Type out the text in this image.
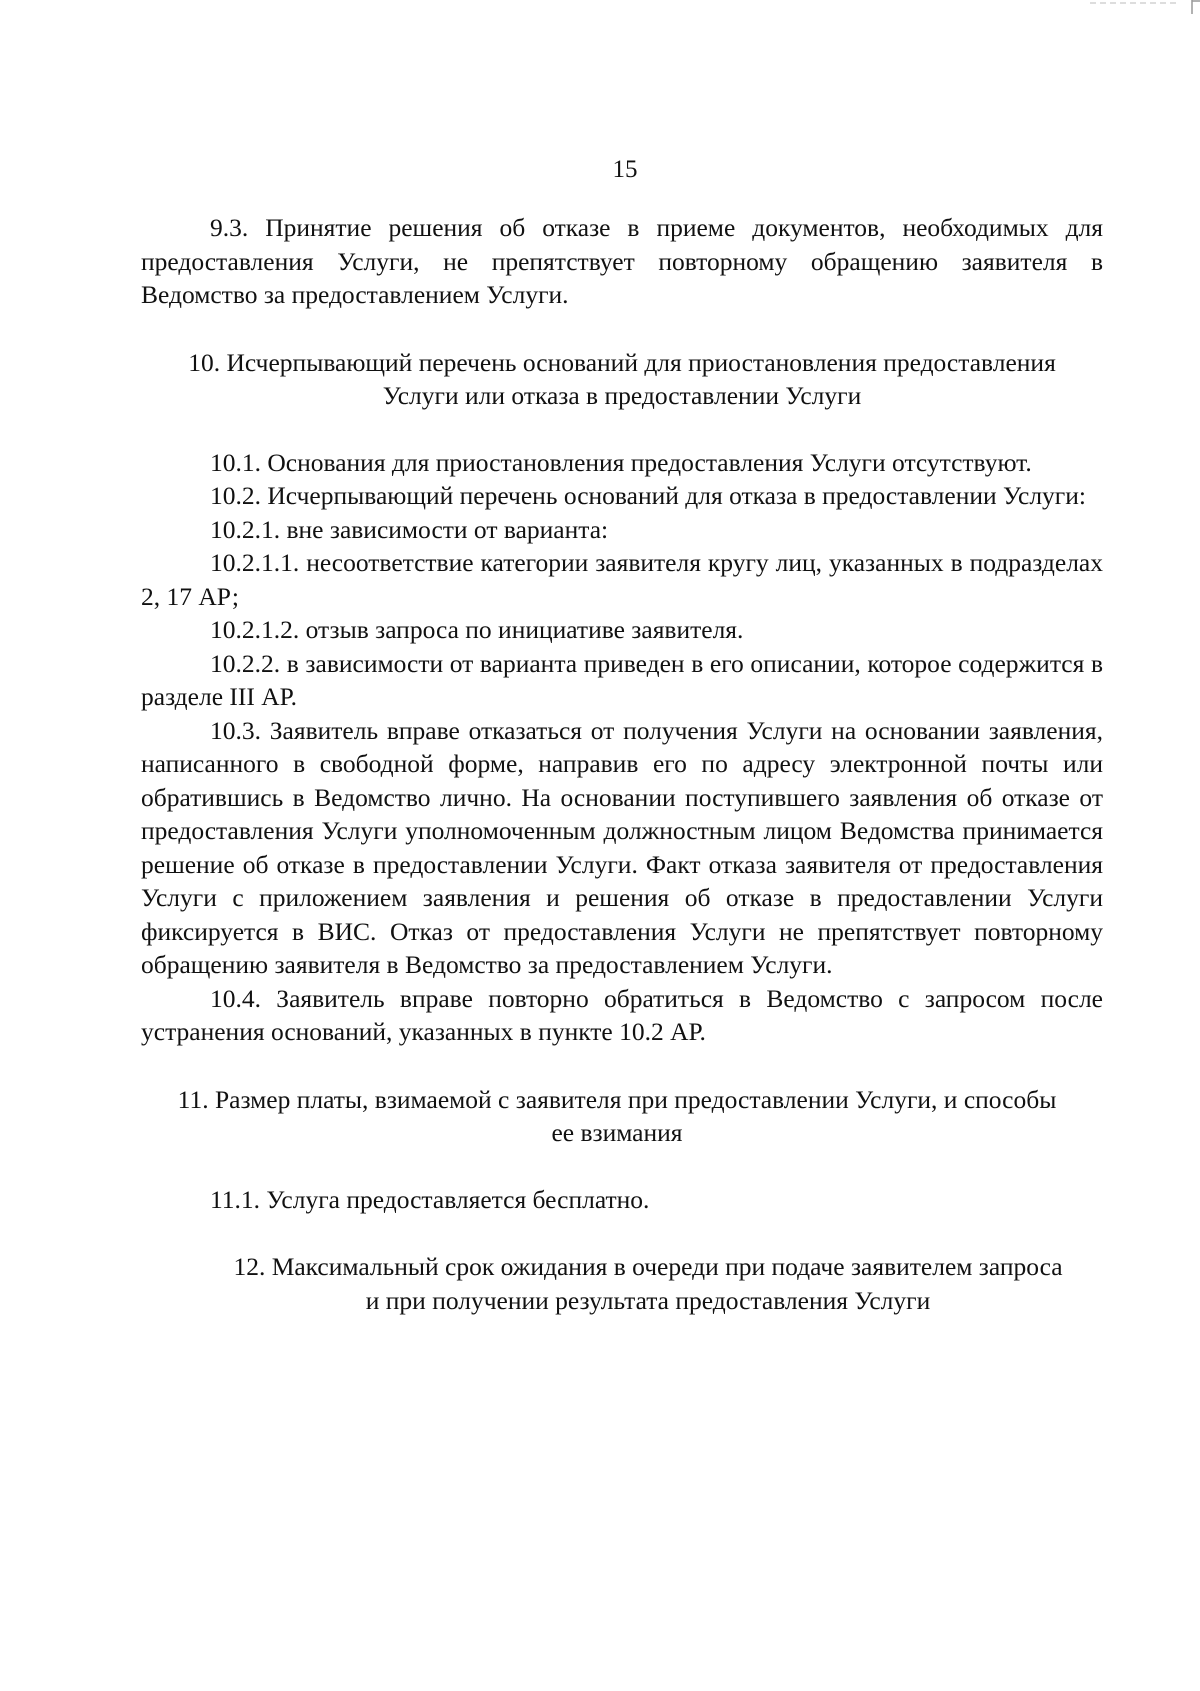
15

9.3. Принятие решения об отказе в приеме документов, необходимых для предоставления Услуги, не препятствует повторному обращению заявителя в Ведомство за предоставлением Услуги.

10. Исчерпывающий перечень оснований для приостановления предоставления
Услуги или отказа в предоставлении Услуги

10.1. Основания для приостановления предоставления Услуги отсутствуют.

10.2. Исчерпывающий перечень оснований для отказа в предоставлении Услуги:

10.2.1. вне зависимости от варианта:

10.2.1.1. несоответствие категории заявителя кругу лиц, указанных в подразделах 2, 17 АР;

10.2.1.2. отзыв запроса по инициативе заявителя.

10.2.2. в зависимости от варианта приведен в его описании, которое содержится в разделе III АР.

10.3. Заявитель вправе отказаться от получения Услуги на основании заявления, написанного в свободной форме, направив его по адресу электронной почты или обратившись в Ведомство лично. На основании поступившего заявления об отказе от предоставления Услуги уполномоченным должностным лицом Ведомства принимается решение об отказе в предоставлении Услуги. Факт отказа заявителя от предоставления Услуги с приложением заявления и решения об отказе в предоставлении Услуги фиксируется в ВИС. Отказ от предоставления Услуги не препятствует повторному обращению заявителя в Ведомство за предоставлением Услуги.

10.4. Заявитель вправе повторно обратиться в Ведомство с запросом после устранения оснований, указанных в пункте 10.2 АР.

11. Размер платы, взимаемой с заявителя при предоставлении Услуги, и способы
ее взимания

11.1. Услуга предоставляется бесплатно.

12. Максимальный срок ожидания в очереди при подаче заявителем запроса
и при получении результата предоставления Услуги
